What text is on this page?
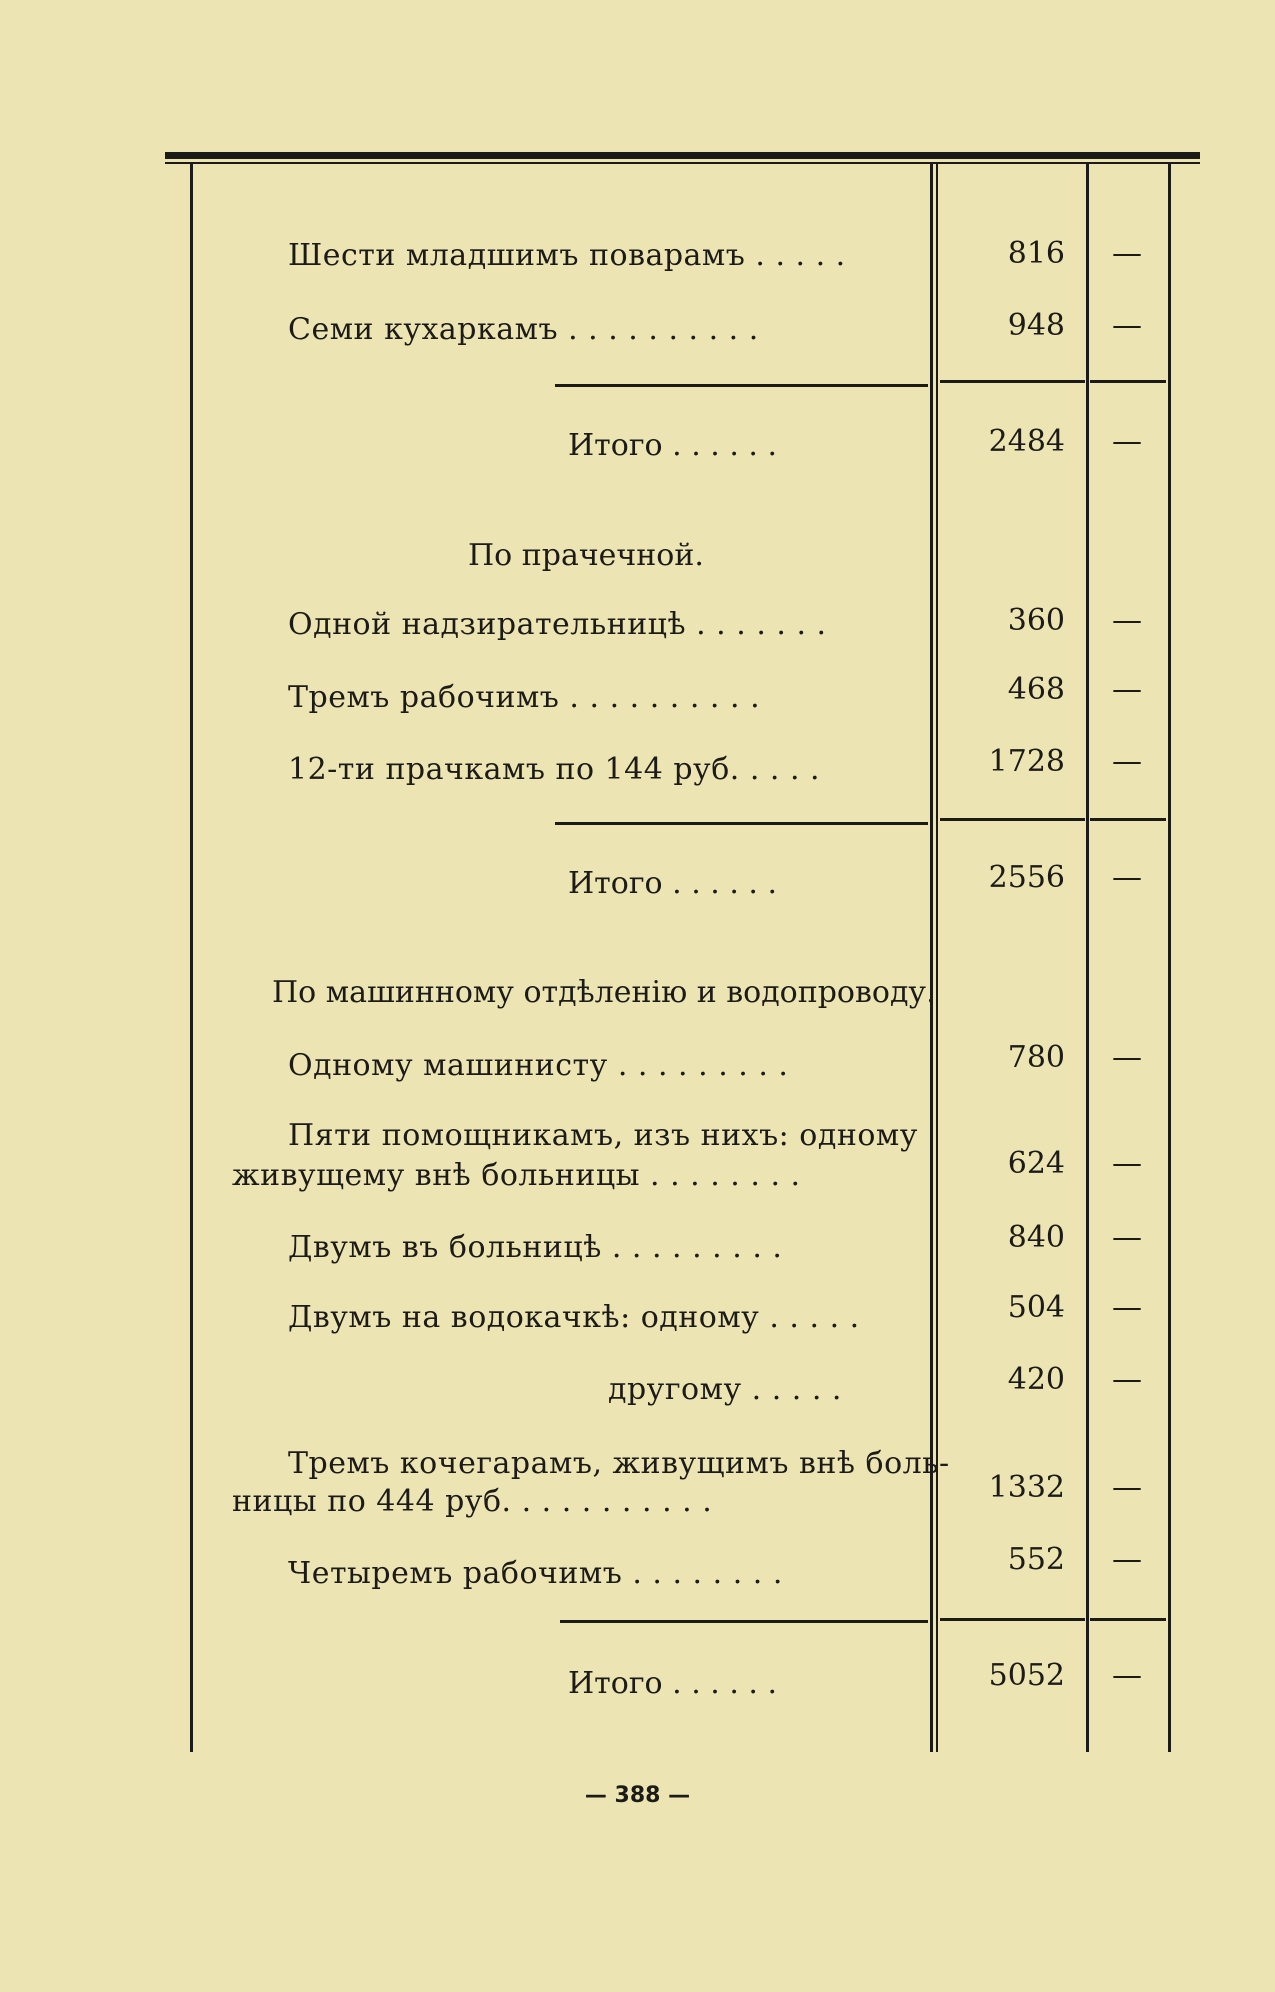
Шести младшимъ поварамъ . . . . .	816	—
Семи кухаркамъ . . . . . . . . . .	948	—
Итого . . . . . .	2484	—
По прачечной.
Одной надзирательницѣ . . . . . . .	360	—
Тремъ рабочимъ . . . . . . . . . .	468	—
12-ти прачкамъ по 144 руб. . . . .	1728	—
Итого . . . . . .	2556	—
По машинному отдѣленію и водопроводу.
Одному машинисту . . . . . . . . .	780	—
Пяти помощникамъ, изъ нихъ: одному
живущему внѣ больницы . . . . . . . .	624	—
Двумъ въ больницѣ . . . . . . . . .	840	—
Двумъ на водокачкѣ: одному . . . . .	504	—
другому . . . . .	420	—
Тремъ кочегарамъ, живущимъ внѣ боль-
ницы по 444 руб. . . . . . . . . . .	1332	—
Четыремъ рабочимъ . . . . . . . .	552	—
Итого . . . . . .	5052	—
— 388 —
